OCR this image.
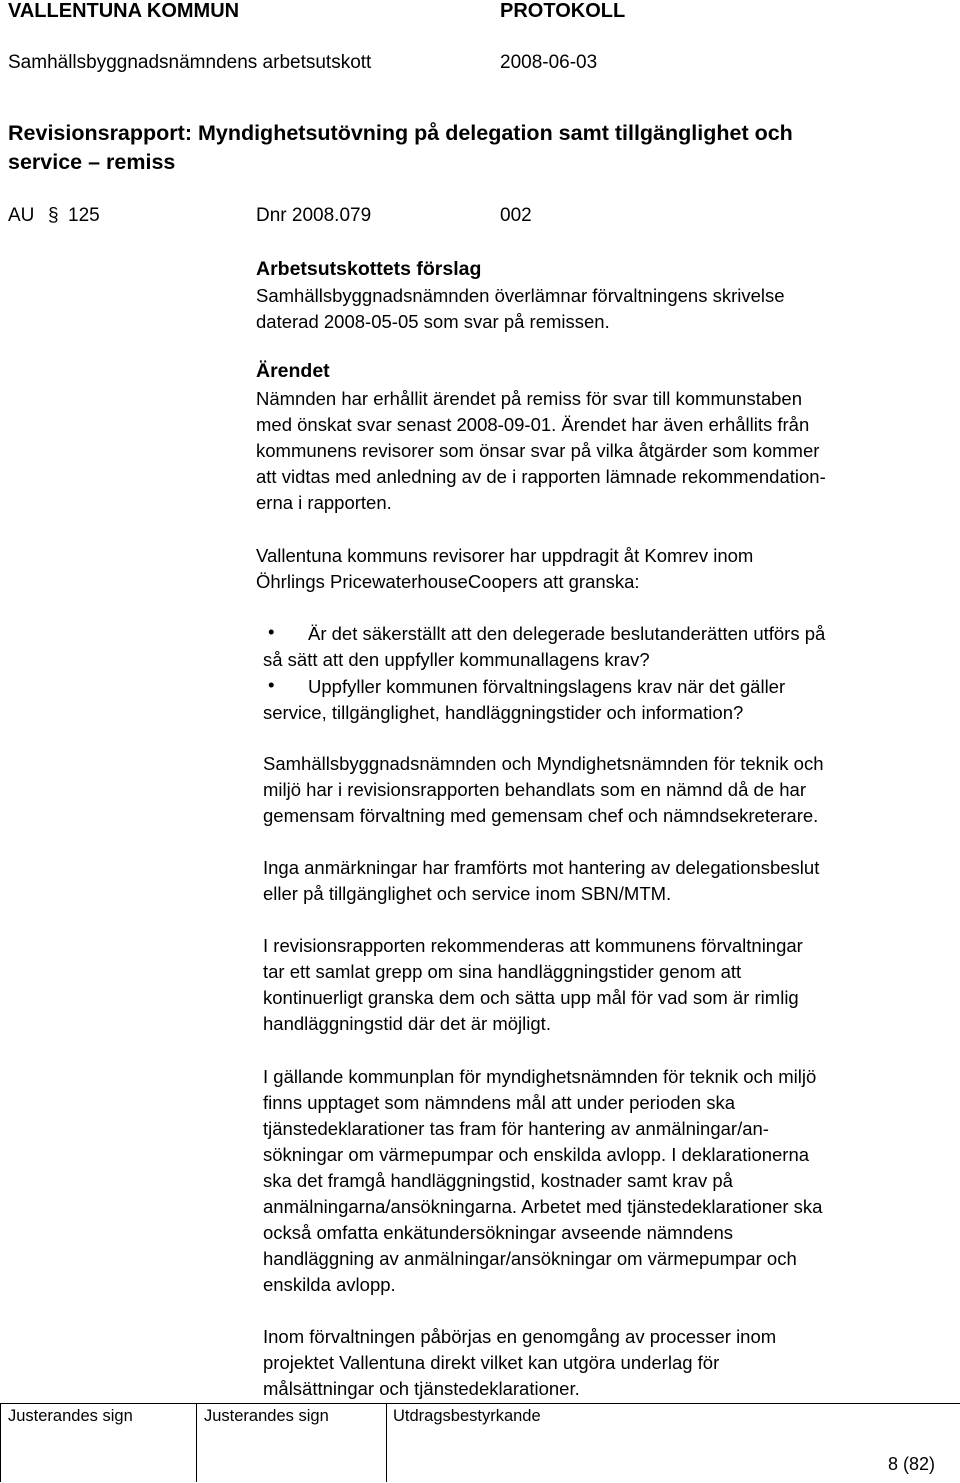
VALLENTUNA KOMMUN	PROTOKOLL
Samhällsbyggnadsnämndens arbetsutskott	2008-06-03
Revisionsrapport: Myndighetsutövning på delegation samt tillgänglighet och
service – remiss
AU § 125	Dnr 2008.079	002
Arbetsutskottets förslag
Samhällsbyggnadsnämnden överlämnar förvaltningens skrivelse
daterad 2008-05-05 som svar på remissen.
Ärendet
Nämnden har erhållit ärendet på remiss för svar till kommunstaben
med önskat svar senast 2008-09-01. Ärendet har även erhållits från
kommunens revisorer som önsar svar på vilka åtgärder som kommer
att vidtas med anledning av de i rapporten lämnade rekommendation-
erna i rapporten.
Vallentuna kommuns revisorer har uppdragit åt Komrev inom
Öhrlings PricewaterhouseCoopers att granska:
•	Är det säkerställt att den delegerade beslutanderätten utförs på
så sätt att den uppfyller kommunallagens krav?
•	Uppfyller kommunen förvaltningslagens krav när det gäller
service, tillgänglighet, handläggningstider och information?
Samhällsbyggnadsnämnden och Myndighetsnämnden för teknik och
miljö har i revisionsrapporten behandlats som en nämnd då de har
gemensam förvaltning med gemensam chef och nämndsekreterare.
Inga anmärkningar har framförts mot hantering av delegationsbeslut
eller på tillgänglighet och service inom SBN/MTM.
I revisionsrapporten rekommenderas att kommunens förvaltningar
tar ett samlat grepp om sina handläggningstider genom att
kontinuerligt granska dem och sätta upp mål för vad som är rimlig
handläggningstid där det är möjligt.
I gällande kommunplan för myndighetsnämnden för teknik och miljö
finns upptaget som nämndens mål att under perioden ska
tjänstedeklarationer tas fram för hantering av anmälningar/an-
sökningar om värmepumpar och enskilda avlopp. I deklarationerna
ska det framgå handläggningstid, kostnader samt krav på
anmälningarna/ansökningarna. Arbetet med tjänstedeklarationer ska
också omfatta enkätundersökningar avseende nämndens
handläggning av anmälningar/ansökningar om värmepumpar och
enskilda avlopp.
Inom förvaltningen påbörjas en genomgång av processer inom
projektet Vallentuna direkt vilket kan utgöra underlag för
målsättningar och tjänstedeklarationer.
Justerandes sign	Justerandes sign	Utdragsbestyrkande
8 (82)
